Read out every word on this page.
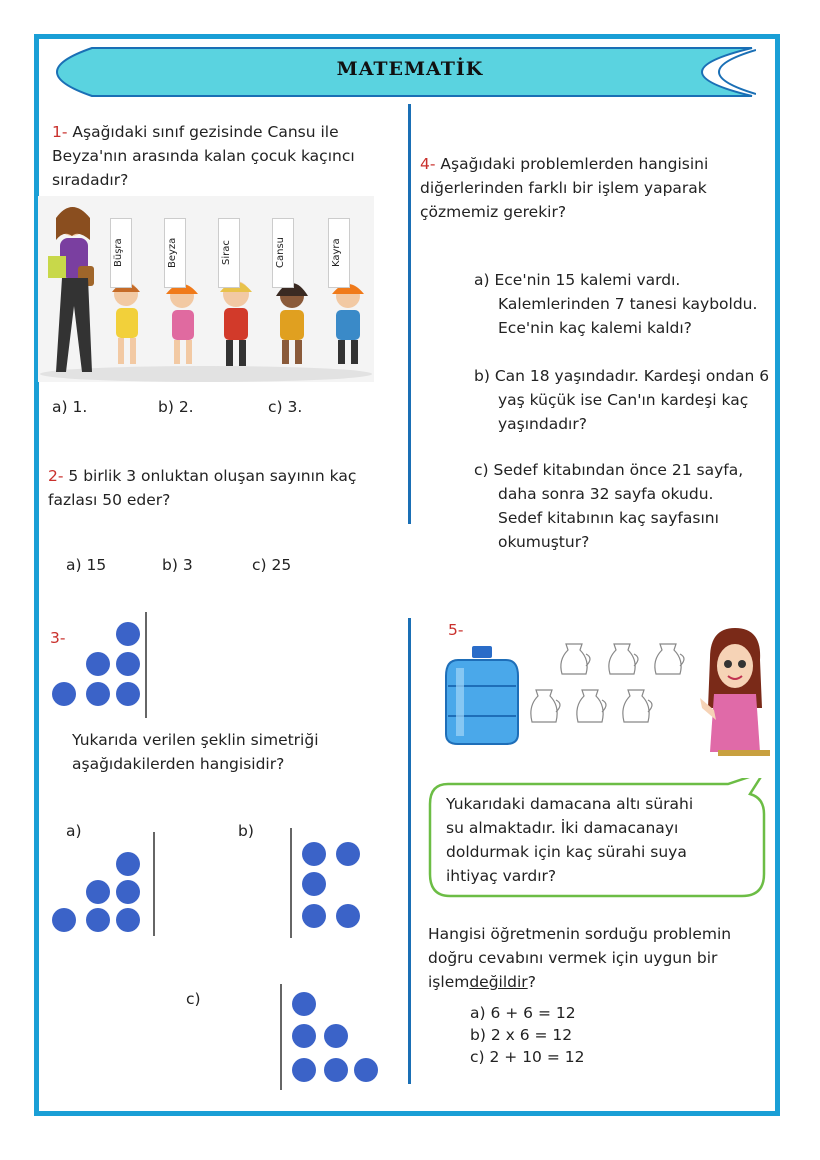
MATEMATİK
1- Aşağıdaki sınıf gezisinde Cansu ile
Beyza'nın arasında kalan çocuk kaçıncı
sıradadır?
Büşra	Beyza	Sirac	Cansu	Kayra
a) 1.	b) 2.	c) 3.
2- 5 birlik 3 onluktan oluşan sayının kaç
fazlası 50 eder?
a) 15	b) 3	c) 25
3-
Yukarıda verilen şeklin simetriği
aşağıdakilerden hangisidir?
a)	b)
c)
4- Aşağıdaki problemlerden hangisini
diğerlerinden farklı bir işlem yaparak
çözmemiz gerekir?
a) Ece'nin 15 kalemi vardı.
Kalemlerinden 7 tanesi kayboldu.
Ece'nin kaç kalemi kaldı?
b) Can 18 yaşındadır. Kardeşi ondan 6
yaş küçük ise Can'ın kardeşi kaç
yaşındadır?
c) Sedef kitabından önce 21 sayfa,
daha sonra 32 sayfa okudu.
Sedef kitabının kaç sayfasını
okumuştur?
5-
Yukarıdaki damacana altı sürahi
su almaktadır. İki damacanayı
doldurmak için kaç sürahi suya
ihtiyaç vardır?
Hangisi öğretmenin sorduğu problemin
doğru cevabını vermek için uygun bir
işlemdeğildir?
a) 6 + 6 = 12
b) 2 x 6 = 12
c) 2 + 10 = 12
